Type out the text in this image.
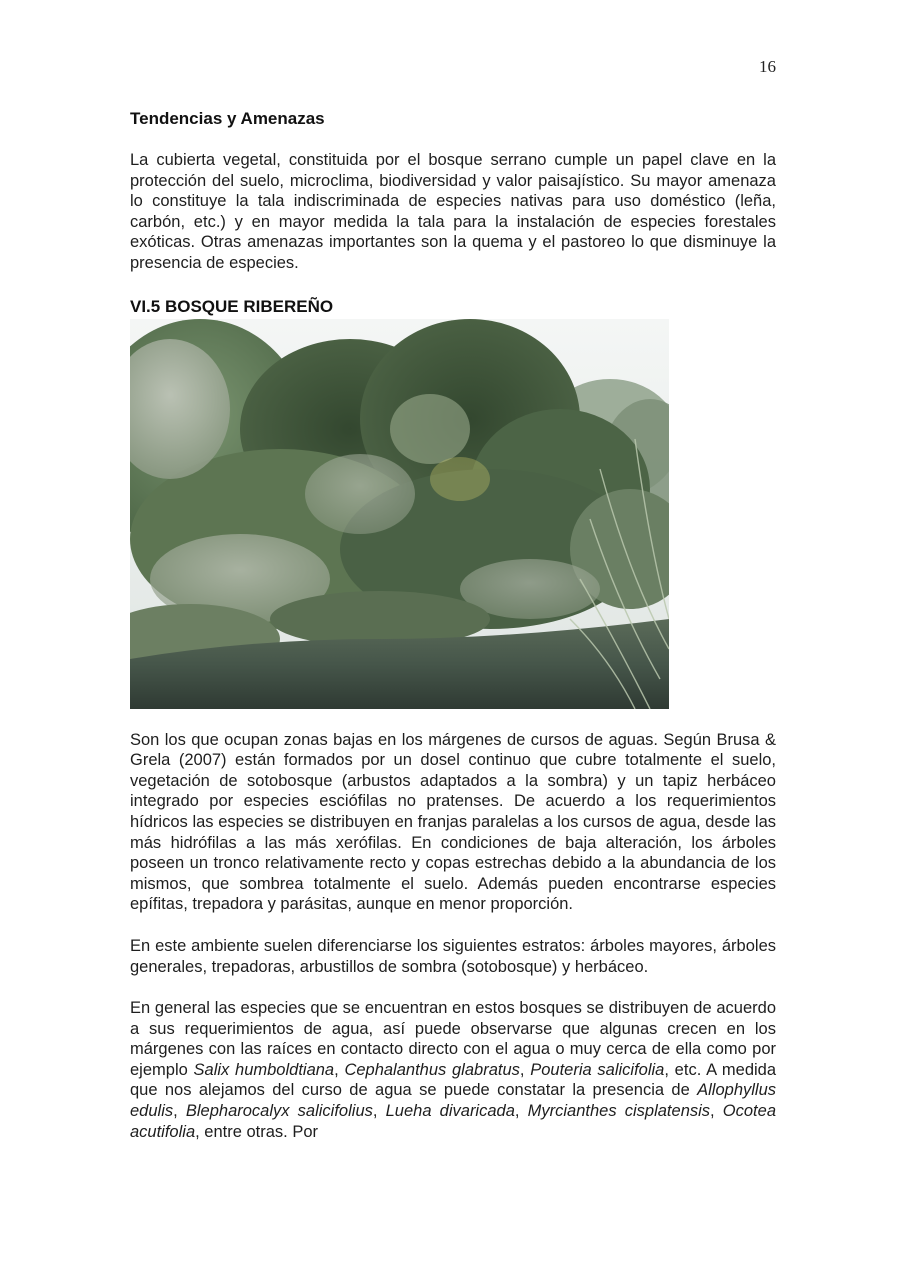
16
Tendencias y Amenazas

La cubierta vegetal, constituida por el bosque serrano cumple un papel clave en la protección del suelo, microclima, biodiversidad y valor paisajístico. Su mayor amenaza lo constituye la tala indiscriminada de especies nativas para uso doméstico (leña, carbón, etc.) y en mayor medida la tala para la instalación de especies forestales exóticas. Otras amenazas importantes son la quema y el pastoreo lo que disminuye la presencia de especies.

VI.5 BOSQUE RIBEREÑO

Son los que ocupan zonas bajas en los márgenes de cursos de aguas. Según Brusa & Grela (2007) están formados por un dosel continuo que cubre totalmente el suelo, vegetación de sotobosque (arbustos adaptados a la sombra) y un tapiz herbáceo integrado por especies esciófilas no pratenses. De acuerdo a los requerimientos hídricos las especies se distribuyen en franjas paralelas a los cursos de agua, desde las más hidrófilas a las más xerófilas. En condiciones de baja alteración, los árboles poseen un tronco relativamente recto y copas estrechas debido a la abundancia de los mismos, que sombrea totalmente el suelo. Además pueden encontrarse especies epífitas, trepadora y parásitas, aunque en menor proporción.

En este ambiente suelen diferenciarse los siguientes estratos: árboles mayores, árboles generales, trepadoras, arbustillos de sombra (sotobosque) y herbáceo.

En general las especies que se encuentran en estos bosques se distribuyen de acuerdo a sus requerimientos de agua, así puede observarse que algunas crecen en los márgenes con las raíces en contacto directo con el agua o muy cerca de ella como por ejemplo Salix humboldtiana, Cephalanthus glabratus, Pouteria salicifolia, etc. A medida que nos alejamos del curso de agua se puede constatar la presencia de Allophyllus edulis, Blepharocalyx salicifolius, Lueha divaricada, Myrcianthes cisplatensis, Ocotea acutifolia, entre otras. Por
